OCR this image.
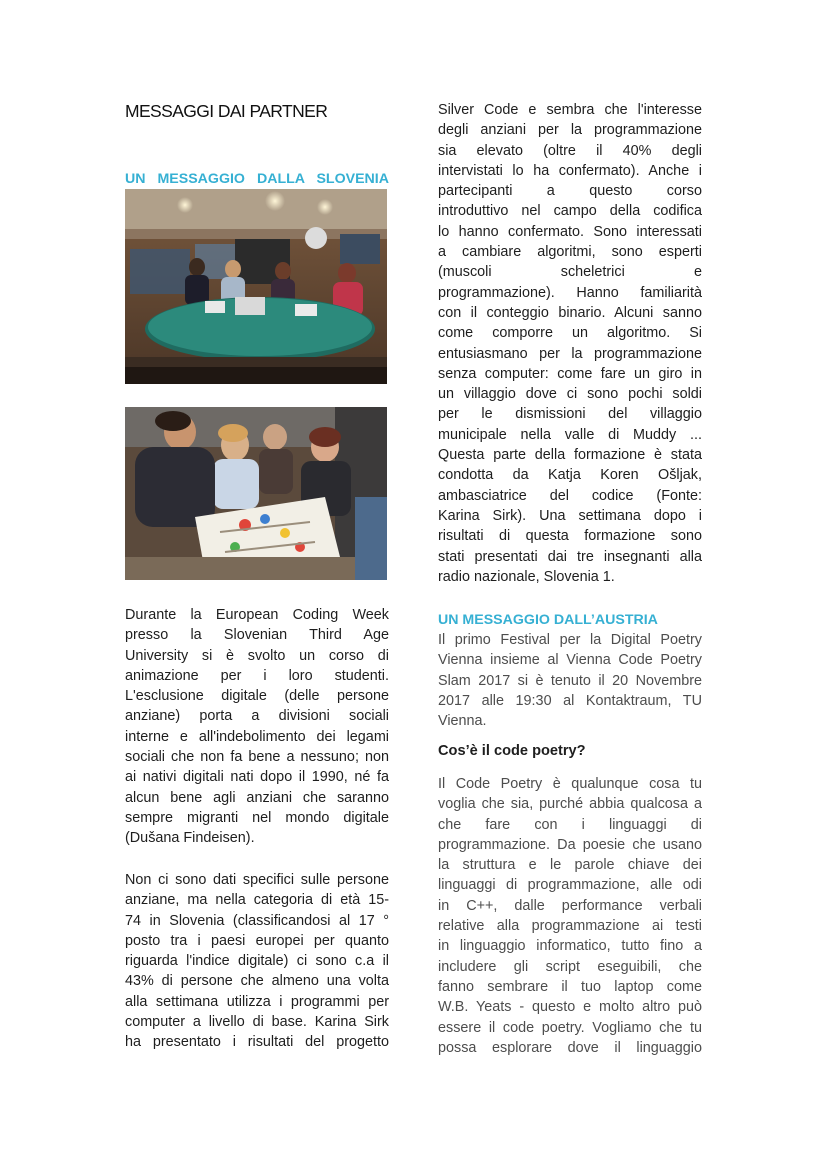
MESSAGGI DAI PARTNER
UN MESSAGGIO DALLA SLOVENIA
Durante la European Coding Week
presso la Slovenian Third Age
University si è svolto un corso di
animazione per i loro studenti.
L'esclusione digitale (delle persone
anziane) porta a divisioni sociali
interne e all'indebolimento dei legami
sociali che non fa bene a nessuno; non
ai nativi digitali nati dopo il 1990, né fa
alcun bene agli anziani che saranno
sempre migranti nel mondo digitale
(Dušana Findeisen).
Non ci sono dati specifici sulle persone
anziane, ma nella categoria di età 15-
74 in Slovenia (classificandosi al 17 °
posto tra i paesi europei per quanto
riguarda l'indice digitale) ci sono c.a il
43% di persone che almeno una volta
alla settimana utilizza i programmi per
computer a livello di base. Karina Sirk
ha presentato i risultati del progetto
Silver Code e sembra che l'interesse
degli anziani per la programmazione
sia elevato (oltre il 40% degli
intervistati lo ha confermato). Anche i
partecipanti a questo corso
introduttivo nel campo della codifica
lo hanno confermato. Sono interessati
a cambiare algoritmi, sono esperti
(muscoli scheletrici e
programmazione). Hanno familiarità
con il conteggio binario. Alcuni sanno
come comporre un algoritmo. Si
entusiasmano per la programmazione
senza computer: come fare un giro in
un villaggio dove ci sono pochi soldi
per le dismissioni del villaggio
municipale nella valle di Muddy ...
Questa parte della formazione è stata
condotta da Katja Koren Ošljak,
ambasciatrice del codice (Fonte:
Karina Sirk). Una settimana dopo i
risultati di questa formazione sono
stati presentati dai tre insegnanti alla
radio nazionale, Slovenia 1.
UN MESSAGGIO DALL’AUSTRIA
Il primo Festival per la Digital Poetry
Vienna insieme al Vienna Code Poetry
Slam 2017 si è tenuto il 20 Novembre
2017 alle 19:30 al Kontaktraum, TU
Vienna.
Cos’è il code poetry?
Il Code Poetry è qualunque cosa tu
voglia che sia, purché abbia qualcosa a
che fare con i linguaggi di
programmazione. Da poesie che usano
la struttura e le parole chiave dei
linguaggi di programmazione, alle odi
in C++, dalle performance verbali
relative alla programmazione ai testi
in linguaggio informatico, tutto fino a
includere gli script eseguibili, che
fanno sembrare il tuo laptop come
W.B. Yeats - questo e molto altro può
essere il code poetry. Vogliamo che tu
possa esplorare dove il linguaggio
